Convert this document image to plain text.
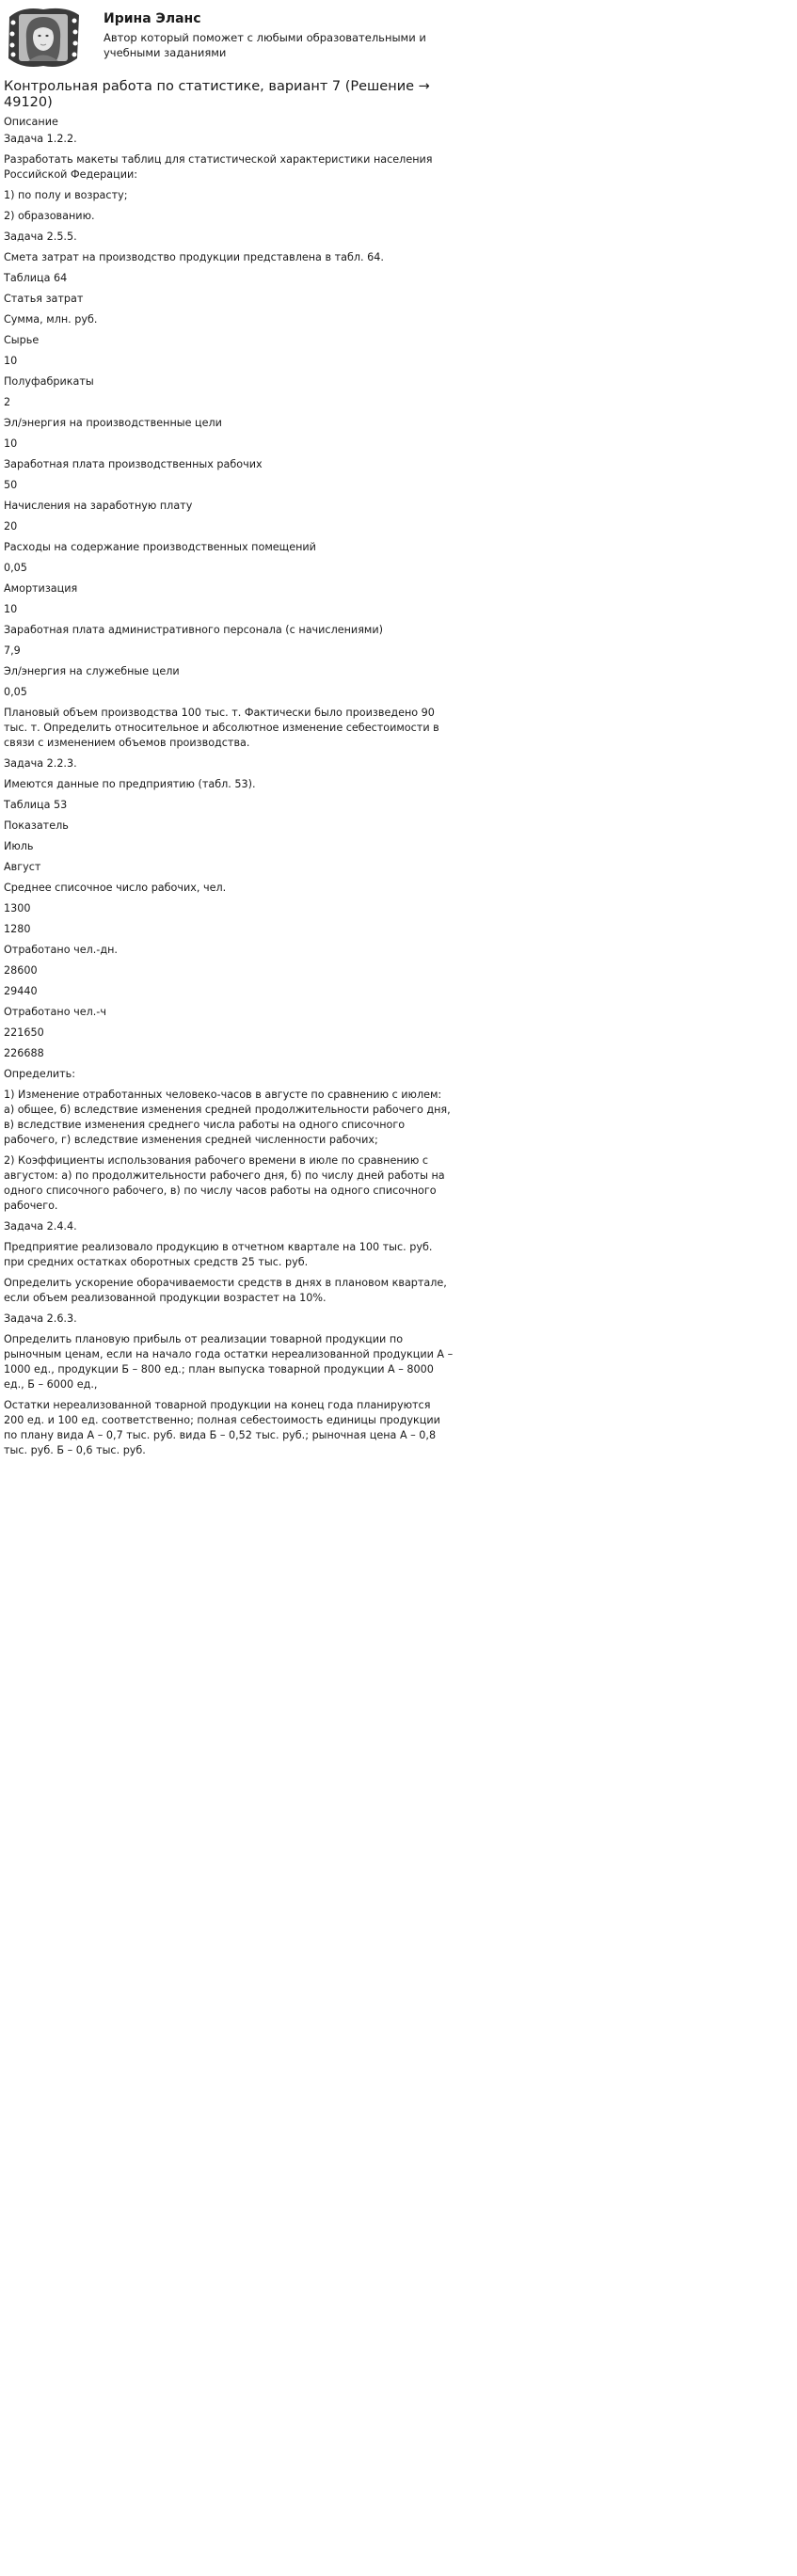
Ирина Эланс

Автор который поможет с любыми образовательными и учебными заданиями

Контрольная работа по статистике, вариант 7 (Решение → 49120)

Описание

Задача 1.2.2.

Разработать макеты таблиц для статистической характеристики населения Российской Федерации:

1) по полу и возрасту;

2) образованию.

Задача 2.5.5.

Смета затрат на производство продукции представлена в табл. 64.

Таблица 64

Статья затрат

Сумма, млн. руб.

Сырье

10

Полуфабрикаты

2

Эл/энергия на производственные цели

10

Заработная плата производственных рабочих

50

Начисления на заработную плату

20

Расходы на содержание производственных помещений

0,05

Амортизация

10

Заработная плата административного персонала (с начислениями)

7,9

Эл/энергия на служебные цели

0,05

Плановый объем производства 100 тыс. т. Фактически было произведено 90 тыс. т. Определить относительное и абсолютное изменение себестоимости в связи с изменением объемов производства.

Задача 2.2.3.

Имеются данные по предприятию (табл. 53).

Таблица 53

Показатель

Июль

Август

Среднее списочное число рабочих, чел.

1300

1280

Отработано чел.-дн.

28600

29440

Отработано чел.-ч

221650

226688

Определить:

1) Изменение отработанных человеко-часов в августе по сравнению с июлем: а) общее, б) вследствие изменения средней продолжительности рабочего дня, в) вследствие изменения среднего числа работы на одного списочного рабочего, г) вследствие изменения средней численности рабочих;

2) Коэффициенты использования рабочего времени в июле по сравнению с августом: а) по продолжительности рабочего дня, б) по числу дней работы на одного списочного рабочего, в) по числу часов работы на одного списочного рабочего.

Задача 2.4.4.

Предприятие реализовало продукцию в отчетном квартале на 100 тыс. руб. при средних остатках оборотных средств 25 тыс. руб.

Определить ускорение оборачиваемости средств в днях в плановом квартале, если объем реализованной продукции возрастет на 10%.

Задача 2.6.3.

Определить плановую прибыль от реализации товарной продукции по рыночным ценам, если на начало года остатки нереализованной продукции А – 1000 ед., продукции Б – 800 ед.; план выпуска товарной продукции А – 8000 ед., Б – 6000 ед.,

Остатки нереализованной товарной продукции на конец года планируются 200 ед. и 100 ед. соответственно; полная себестоимость единицы продукции по плану вида А – 0,7 тыс. руб. вида Б – 0,52 тыс. руб.; рыночная цена А – 0,8 тыс. руб. Б – 0,6 тыс. руб.
